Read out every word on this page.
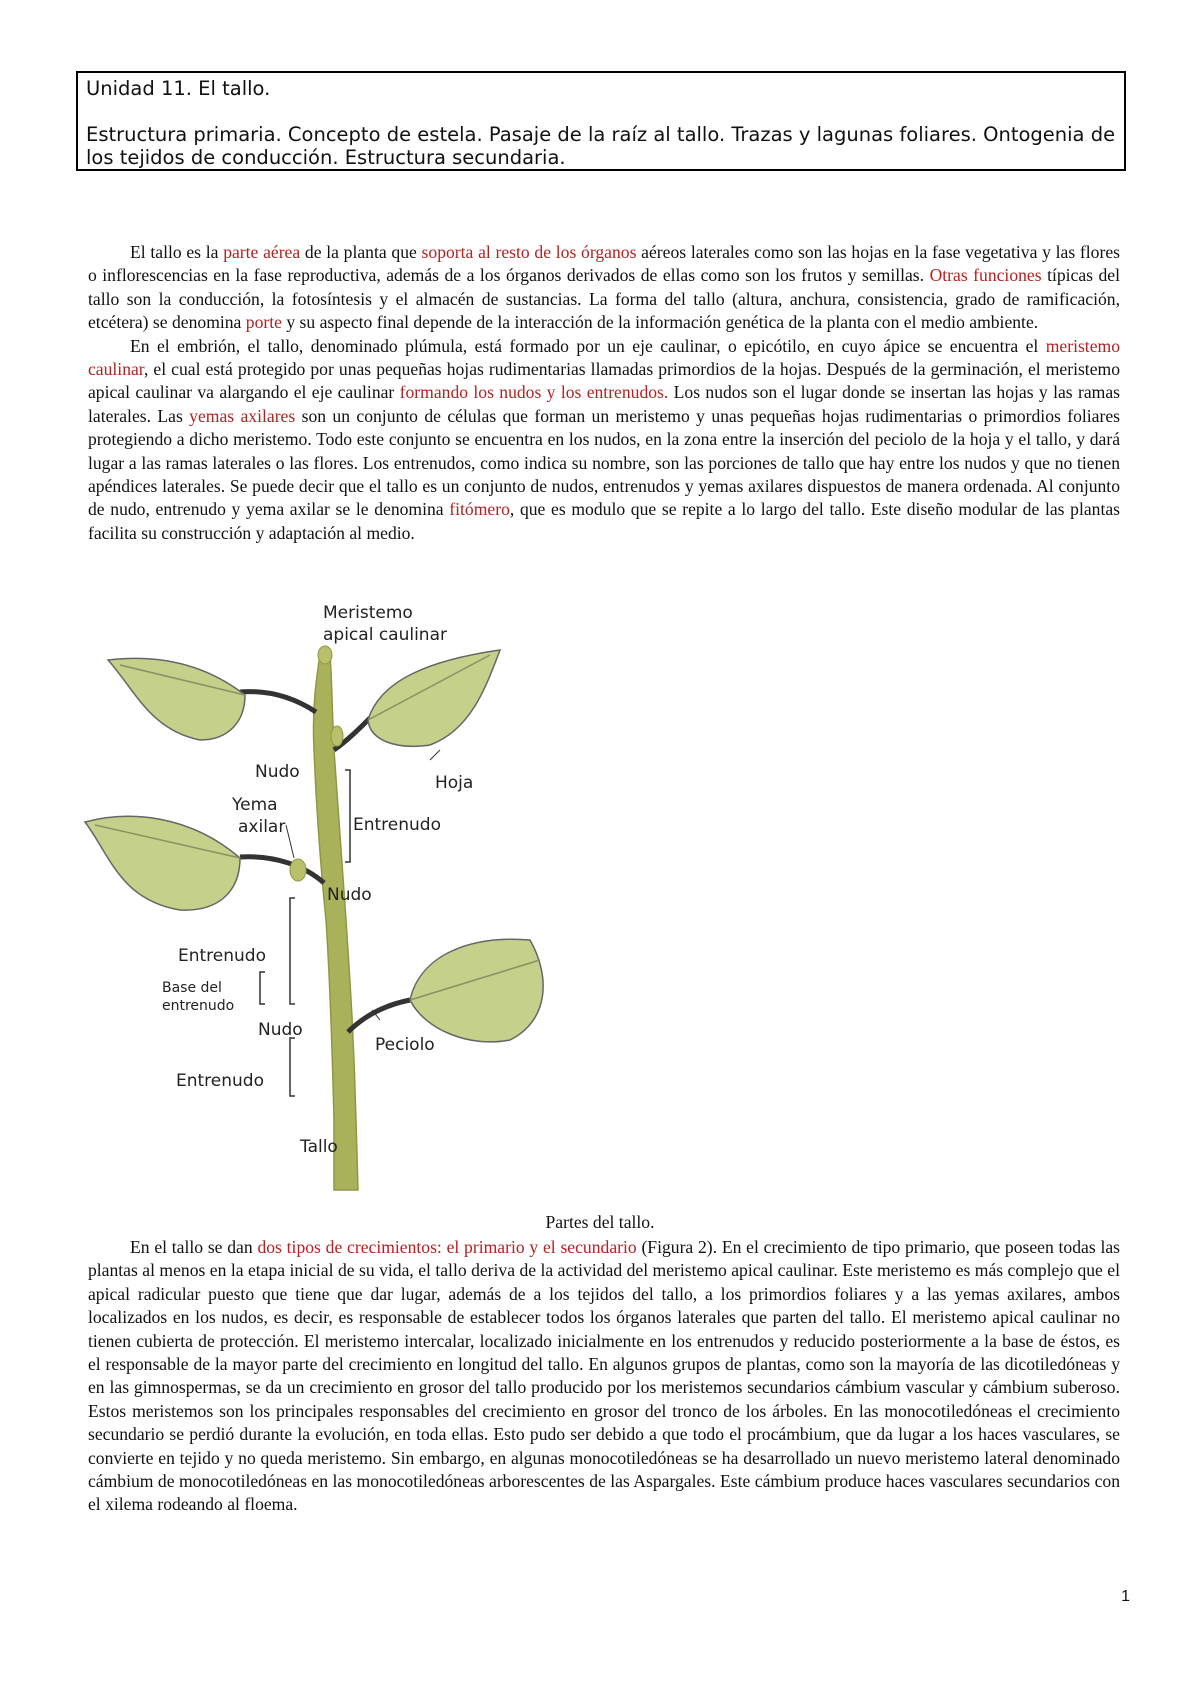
Unidad 11. El tallo.
Estructura primaria. Concepto de estela. Pasaje de la raíz al tallo. Trazas y lagunas foliares. Ontogenia de los tejidos de conducción. Estructura secundaria.

El tallo es la parte aérea de la planta que soporta al resto de los órganos aéreos laterales como son las hojas en la fase vegetativa y las flores o inflorescencias en la fase reproductiva, además de a los órganos derivados de ellas como son los frutos y semillas. Otras funciones típicas del tallo son la conducción, la fotosíntesis y el almacén de sustancias. La forma del tallo (altura, anchura, consistencia, grado de ramificación, etcétera) se denomina porte y su aspecto final depende de la interacción de la información genética de la planta con el medio ambiente.

En el embrión, el tallo, denominado plúmula, está formado por un eje caulinar, o epicótilo, en cuyo ápice se encuentra el meristemo caulinar, el cual está protegido por unas pequeñas hojas rudimentarias llamadas primordios de la hojas. Después de la germinación, el meristemo apical caulinar va alargando el eje caulinar formando los nudos y los entrenudos. Los nudos son el lugar donde se insertan las hojas y las ramas laterales. Las yemas axilares son un conjunto de células que forman un meristemo y unas pequeñas hojas rudimentarias o primordios foliares protegiendo a dicho meristemo. Todo este conjunto se encuentra en los nudos, en la zona entre la inserción del peciolo de la hoja y el tallo, y dará lugar a las ramas laterales o las flores. Los entrenudos, como indica su nombre, son las porciones de tallo que hay entre los nudos y que no tienen apéndices laterales. Se puede decir que el tallo es un conjunto de nudos, entrenudos y yemas axilares dispuestos de manera ordenada. Al conjunto de nudo, entrenudo y yema axilar se le denomina fitómero, que es modulo que se repite a lo largo del tallo. Este diseño modular de las plantas facilita su construcción y adaptación al medio.

Meristemo
apical caulinar
Nudo
Hoja
Yema
axilar	Entrenudo
Nudo
Entrenudo
Base del
entrenudo
Nudo
Peciolo
Entrenudo
Tallo
Partes del tallo.

En el tallo se dan dos tipos de crecimientos: el primario y el secundario (Figura 2). En el crecimiento de tipo primario, que poseen todas las plantas al menos en la etapa inicial de su vida, el tallo deriva de la actividad del meristemo apical caulinar. Este meristemo es más complejo que el apical radicular puesto que tiene que dar lugar, además de a los tejidos del tallo, a los primordios foliares y a las yemas axilares, ambos localizados en los nudos, es decir, es responsable de establecer todos los órganos laterales que parten del tallo. El meristemo apical caulinar no tienen cubierta de protección. El meristemo intercalar, localizado inicialmente en los entrenudos y reducido posteriormente a la base de éstos, es el responsable de la mayor parte del crecimiento en longitud del tallo. En algunos grupos de plantas, como son la mayoría de las dicotiledóneas y en las gimnospermas, se da un crecimiento en grosor del tallo producido por los meristemos secundarios cámbium vascular y cámbium suberoso. Estos meristemos son los principales responsables del crecimiento en grosor del tronco de los árboles. En las monocotiledóneas el crecimiento secundario se perdió durante la evolución, en toda ellas. Esto pudo ser debido a que todo el procámbium, que da lugar a los haces vasculares, se convierte en tejido y no queda meristemo. Sin embargo, en algunas monocotiledóneas se ha desarrollado un nuevo meristemo lateral denominado cámbium de monocotiledóneas en las monocotiledóneas arborescentes de las Aspargales. Este cámbium produce haces vasculares secundarios con el xilema rodeando al floema.

1
